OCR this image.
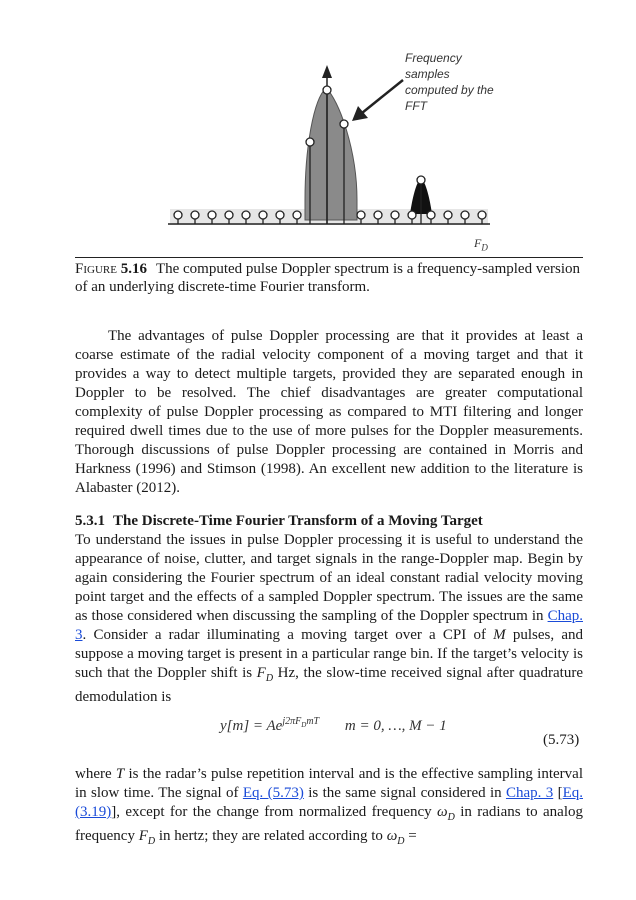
Frequency
samples
computed by the
FFT
$F_D$
Figure 5.16 The computed pulse Doppler spectrum is a frequency-sampled version of an underlying discrete-time Fourier transform.

The advantages of pulse Doppler processing are that it provides at least a coarse estimate of the radial velocity component of a moving target and that it provides a way to detect multiple targets, provided they are separated enough in Doppler to be resolved. The chief disadvantages are greater computational complexity of pulse Doppler processing as compared to MTI filtering and longer required dwell times due to the use of more pulses for the Doppler measurements. Thorough discussions of pulse Doppler processing are contained in Morris and Harkness (1996) and Stimson (1998). An excellent new addition to the literature is Alabaster (2012).

5.3.1 The Discrete-Time Fourier Transform of a Moving Target

To understand the issues in pulse Doppler processing it is useful to understand the appearance of noise, clutter, and target signals in the range-Doppler map. Begin by again considering the Fourier spectrum of an ideal constant radial velocity moving point target and the effects of a sampled Doppler spectrum. The issues are the same as those considered when discussing the sampling of the Doppler spectrum in Chap. 3. Consider a radar illuminating a moving target over a CPI of M pulses, and suppose a moving target is present in a particular range bin. If the target’s velocity is such that the Doppler shift is $F_D$ Hz, the slow-time received signal after quadrature demodulation is

$y[m] = Ae^{j2\pi F_DmT}$ m = 0, …, M − 1
(5.73)

where T is the radar’s pulse repetition interval and is the effective sampling interval in slow time. The signal of Eq. (5.73) is the same signal considered in Chap. 3 [Eq. (3.19)], except for the change from normalized frequency $\omega_D$ in radians to analog frequency $F_D$ in hertz; they are related according to $\omega_D$ =
